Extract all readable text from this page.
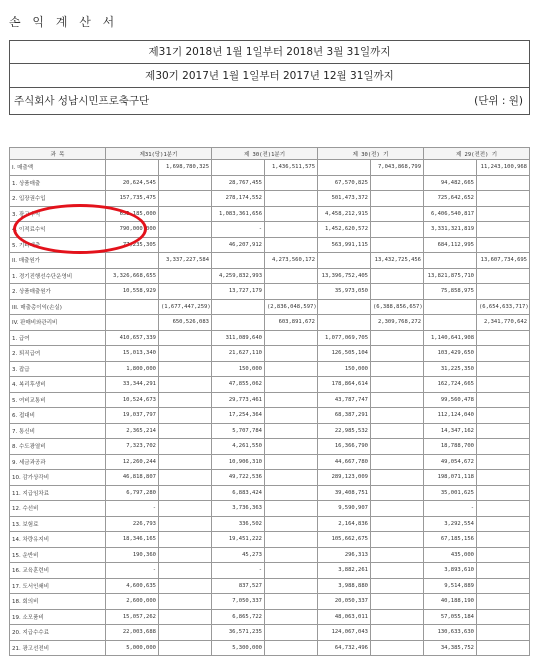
손 익 계 산 서
제31기 2018년 1월 1일부터 2018년 3월 31일까지
제30기 2017년 1월 1일부터 2017년 12월 31일까지
주식회사 성남시민프로축구단	(단위 : 원)
과 목	제31(당)1분기		제 30(전)1분기		제 30(전) 기		제 29(전전) 기	
I. 매출액		1,698,780,325		1,436,511,575		7,043,868,799		11,243,100,968
1. 상품매출	20,624,545		28,767,455		67,570,825		94,482,665	
2. 입장권수입	157,735,475		278,174,552		501,473,372		725,642,652	
3. 광고수익	653,185,000		1,083,361,656		4,458,212,915		6,406,540,817	
4. 이적료수익	790,000,000		-		1,452,620,572		3,331,321,819	
5. 기타매출	77,235,305		46,207,912		563,991,115		684,112,995	
II. 매출원가		3,337,227,584		4,273,560,172		13,432,725,456		13,607,734,695
1. 경기진행선수단운영비	3,326,668,655		4,259,832,993		13,396,752,405		13,821,875,710	
2. 상품매출원가	10,558,929		13,727,179		35,973,050		75,858,975	
III. 매출총이익(손실)		(1,677,447,259)		(2,836,048,597)		(6,388,856,657)		(6,654,633,717)
IV. 판매비와관리비		650,526,083		603,891,672		2,309,768,272		2,341,770,642
1. 급여	410,657,339		311,089,640		1,077,069,705		1,140,641,908	
2. 퇴직급여	15,013,340		21,627,110		126,505,104		103,429,650	
3. 잡급	1,800,000		150,000		150,000		31,225,350	
4. 복리후생비	33,344,291		47,855,062		178,864,614		162,724,665	
5. 여비교통비	10,524,673		29,773,461		43,787,747		99,560,478	
6. 접대비	19,037,797		17,254,364		68,387,291		112,124,040	
7. 통신비	2,365,214		5,707,784		22,985,532		14,347,162	
8. 수도광열비	7,323,702		4,261,550		16,366,790		18,788,700	
9. 세금과공과	12,260,244		10,906,310		44,667,780		49,054,672	
10. 감가상각비	46,818,807		49,722,536		289,123,009		198,071,118	
11. 지급임차료	6,797,280		6,883,424		39,408,751		35,001,625	
12. 수선비	-		3,736,363		9,590,907		-	
13. 보험료	226,793		336,502		2,164,836		3,292,554	
14. 차량유지비	18,346,165		19,451,222		105,662,675		67,185,156	
15. 운반비	190,360		45,273		296,313		435,000	
16. 교육훈련비	-		-		3,882,261		3,893,610	
17. 도서인쇄비	4,600,635		837,527		3,988,880		9,514,889	
18. 회의비	2,600,000		7,050,337		20,050,337		40,188,190	
19. 소모품비	15,057,262		6,865,722		48,063,011		57,055,184	
20. 지급수수료	22,003,688		36,571,235		124,067,043		130,633,630	
21. 광고선전비	5,000,000		5,300,000		64,732,496		34,385,752	
